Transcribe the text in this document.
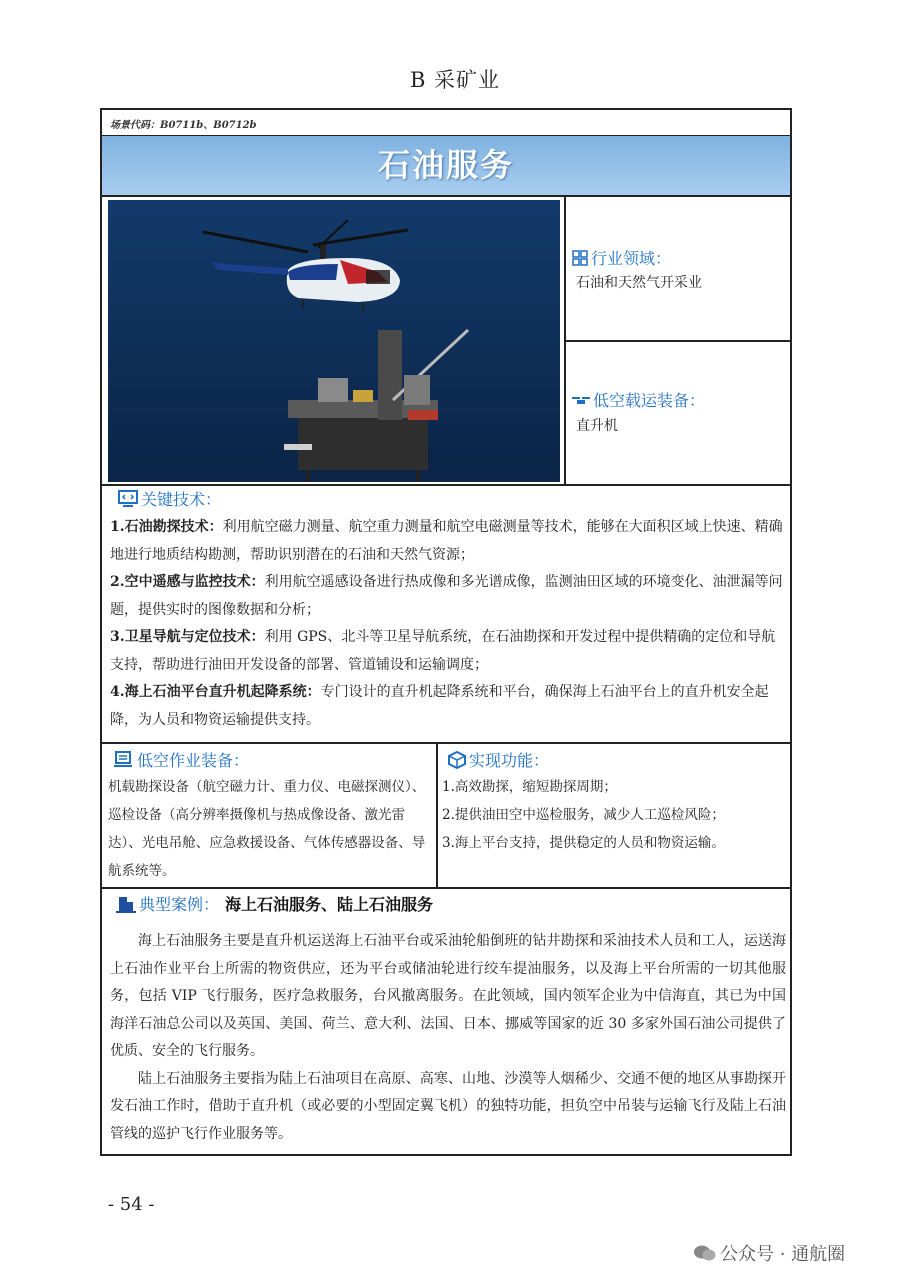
B 采矿业
场景代码：B0711b、B0712b
石油服务
行业领域：
石油和天然气开采业
低空载运装备：
直升机
关键技术：

1.石油勘探技术：利用航空磁力测量、航空重力测量和航空电磁测量等技术，能够在大面积区域上快速、精确地进行地质结构勘测，帮助识别潜在的石油和天然气资源；

2.空中遥感与监控技术：利用航空遥感设备进行热成像和多光谱成像，监测油田区域的环境变化、油泄漏等问题，提供实时的图像数据和分析；

3.卫星导航与定位技术：利用 GPS、北斗等卫星导航系统，在石油勘探和开发过程中提供精确的定位和导航支持，帮助进行油田开发设备的部署、管道铺设和运输调度；

4.海上石油平台直升机起降系统：专门设计的直升机起降系统和平台，确保海上石油平台上的直升机安全起降，为人员和物资运输提供支持。

低空作业装备：

机载勘探设备（航空磁力计、重力仪、电磁探测仪）、巡检设备（高分辨率摄像机与热成像设备、激光雷达）、光电吊舱、应急救援设备、气体传感器设备、导航系统等。

实现功能：

1.高效勘探，缩短勘探周期；

2.提供油田空中巡检服务，减少人工巡检风险；

3.海上平台支持，提供稳定的人员和物资运输。

典型案例： 海上石油服务、陆上石油服务

海上石油服务主要是直升机运送海上石油平台或采油轮船倒班的钻井勘探和采油技术人员和工人，运送海上石油作业平台上所需的物资供应，还为平台或储油轮进行绞车提油服务，以及海上平台所需的一切其他服务，包括 VIP 飞行服务，医疗急救服务，台风撤离服务。在此领域，国内领军企业为中信海直，其已为中国海洋石油总公司以及英国、美国、荷兰、意大利、法国、日本、挪威等国家的近 30 多家外国石油公司提供了优质、安全的飞行服务。

陆上石油服务主要指为陆上石油项目在高原、高寒、山地、沙漠等人烟稀少、交通不便的地区从事勘探开发石油工作时，借助于直升机（或必要的小型固定翼飞机）的独特功能，担负空中吊装与运输飞行及陆上石油管线的巡护飞行作业服务等。

- 54 -
公众号 · 通航圈
